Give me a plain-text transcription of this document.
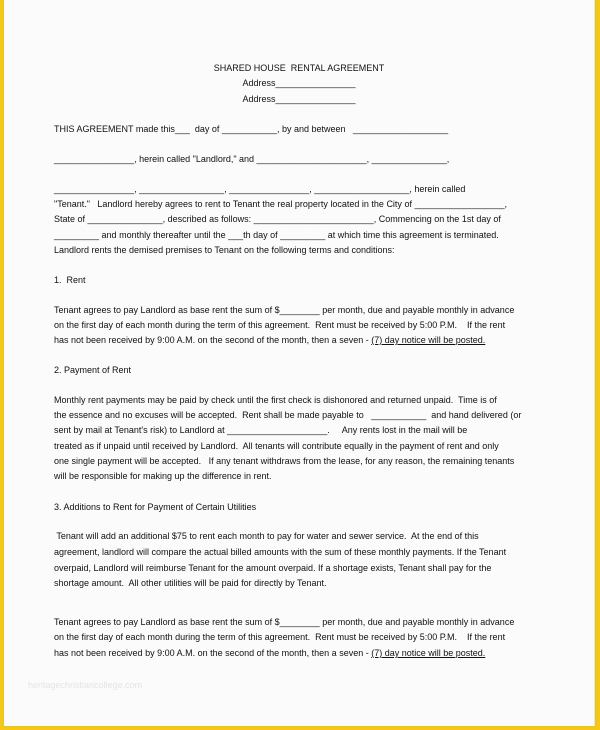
SHARED HOUSE  RENTAL AGREEMENT
Address________________
Address________________
THIS AGREEMENT made this___  day of ___________, by and between   ___________________
________________, herein called "Landlord," and ______________________, _______________,
________________, _________________, ________________, ___________________, herein called
"Tenant."   Landlord hereby agrees to rent to Tenant the real property located in the City of __________________,
State of _______________, described as follows: ________________________, Commencing on the 1st day of
_________ and monthly thereafter until the ___th day of _________ at which time this agreement is terminated.
Landlord rents the demised premises to Tenant on the following terms and conditions:
1.  Rent
Tenant agrees to pay Landlord as base rent the sum of $________ per month, due and payable monthly in advance
on the first day of each month during the term of this agreement.  Rent must be received by 5:00 P.M.    If the rent
has not been received by 9:00 A.M. on the second of the month, then a seven - (7) day notice will be posted.
2. Payment of Rent
Monthly rent payments may be paid by check until the first check is dishonored and returned unpaid.  Time is of
the essence and no excuses will be accepted.  Rent shall be made payable to   ___________  and hand delivered (or
sent by mail at Tenant's risk) to Landlord at ____________________.     Any rents lost in the mail will be
treated as if unpaid until received by Landlord.  All tenants will contribute equally in the payment of rent and only
one single payment will be accepted.   If any tenant withdraws from the lease, for any reason, the remaining tenants
will be responsible for making up the difference in rent.
3. Additions to Rent for Payment of Certain Utilities
Tenant will add an additional $75 to rent each month to pay for water and sewer service.  At the end of this
agreement, landlord will compare the actual billed amounts with the sum of these monthly payments. If the Tenant
overpaid, Landlord will reimburse Tenant for the amount overpaid. If a shortage exists, Tenant shall pay for the
shortage amount.  All other utilities will be paid for directly by Tenant.
Tenant agrees to pay Landlord as base rent the sum of $________ per month, due and payable monthly in advance
on the first day of each month during the term of this agreement.  Rent must be received by 5:00 P.M.    If the rent
has not been received by 9:00 A.M. on the second of the month, then a seven - (7) day notice will be posted.
heritagechristiancollege.com
